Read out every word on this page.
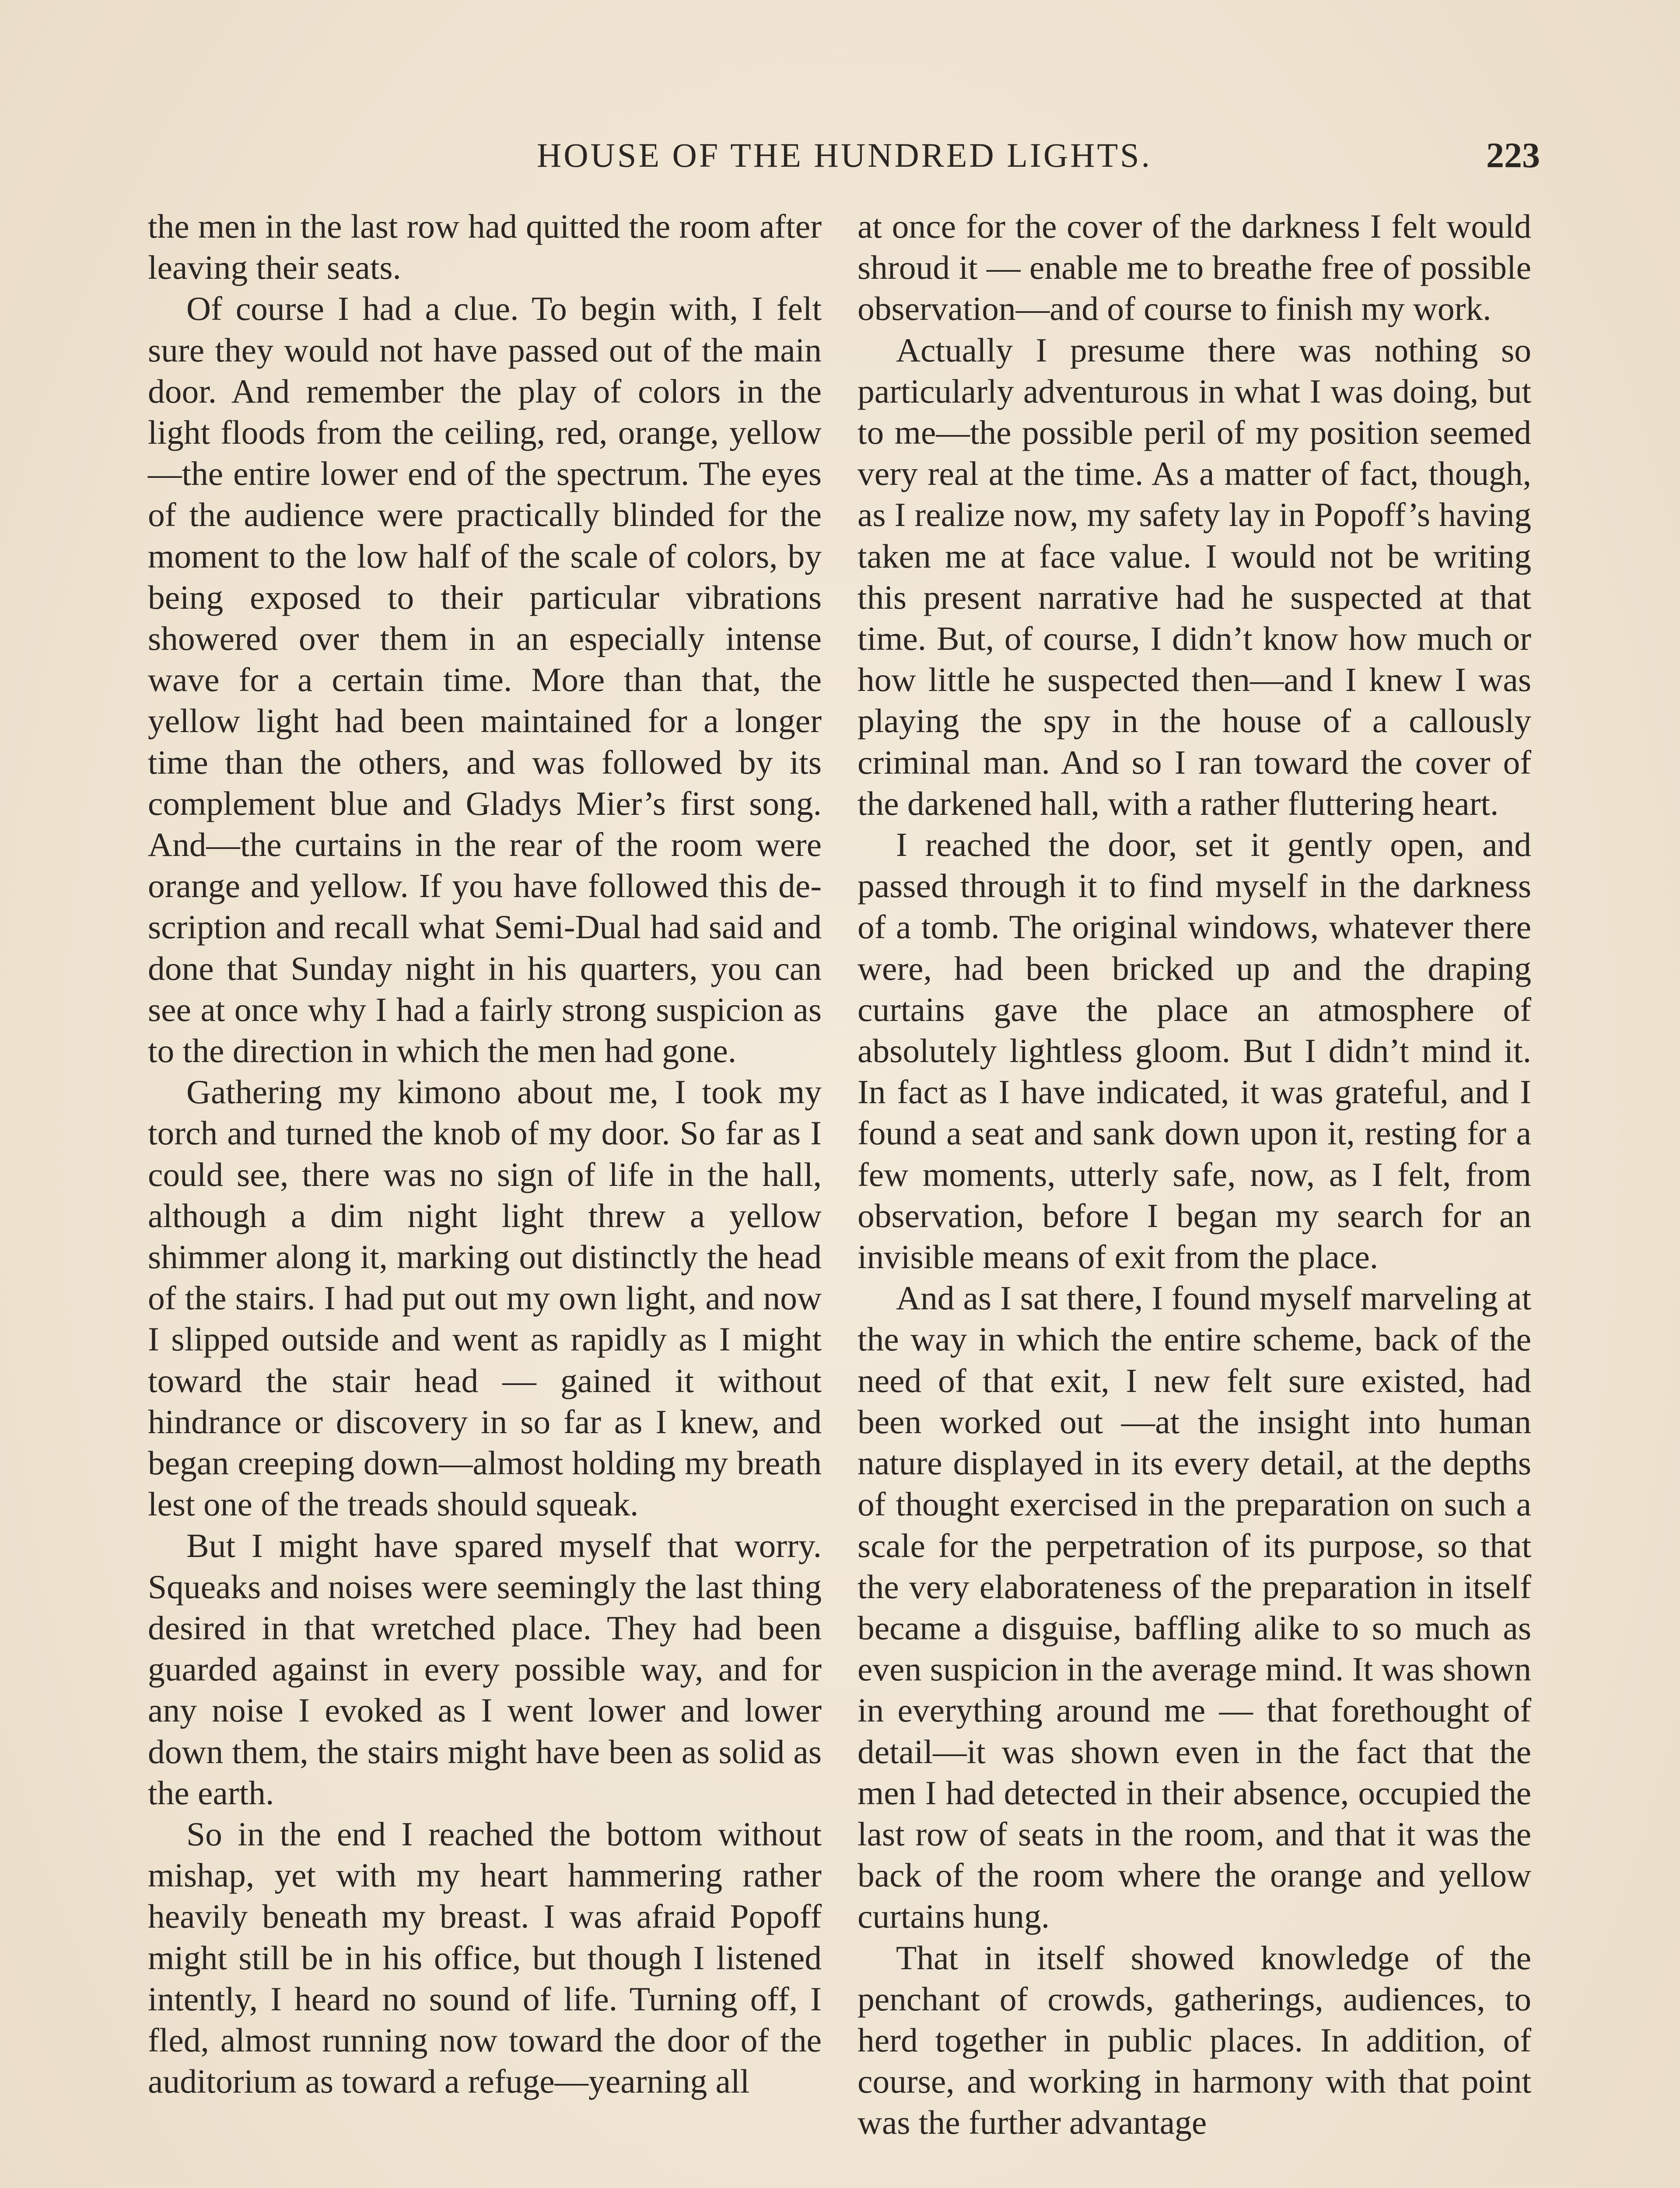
HOUSE OF THE HUNDRED LIGHTS.	223

the men in the last row had quitted the room after leaving their seats.

Of course I had a clue. To begin with, I felt sure they would not have passed out of the main door. And remember the play of colors in the light floods from the ceiling, red, orange, yellow—the entire lower end of the spectrum. The eyes of the audience were practically blinded for the moment to the low half of the scale of colors, by being exposed to their particular vibrations showered over them in an especially intense wave for a certain time. More than that, the yellow light had been maintained for a longer time than the others, and was followed by its complement blue and Gladys Mier’s first song. And—the curtains in the rear of the room were orange and yellow. If you have followed this description and recall what Semi-Dual had said and done that Sunday night in his quarters, you can see at once why I had a fairly strong suspicion as to the direction in which the men had gone.

Gathering my kimono about me, I took my torch and turned the knob of my door. So far as I could see, there was no sign of life in the hall, although a dim night light threw a yellow shimmer along it, marking out distinctly the head of the stairs. I had put out my own light, and now I slipped outside and went as rapidly as I might toward the stair head — gained it without hindrance or discovery in so far as I knew, and began creeping down—almost holding my breath lest one of the treads should squeak.

But I might have spared myself that worry. Squeaks and noises were seemingly the last thing desired in that wretched place. They had been guarded against in every possible way, and for any noise I evoked as I went lower and lower down them, the stairs might have been as solid as the earth.

So in the end I reached the bottom without mishap, yet with my heart hammering rather heavily beneath my breast. I was afraid Popoff might still be in his office, but though I listened intently, I heard no sound of life. Turning off, I fled, almost running now toward the door of the auditorium as toward a refuge—yearning all

at once for the cover of the darkness I felt would shroud it — enable me to breathe free of possible observation—and of course to finish my work.

Actually I presume there was nothing so particularly adventurous in what I was doing, but to me—the possible peril of my position seemed very real at the time. As a matter of fact, though, as I realize now, my safety lay in Popoff’s having taken me at face value. I would not be writing this present narrative had he suspected at that time. But, of course, I didn’t know how much or how little he suspected then—and I knew I was playing the spy in the house of a callously criminal man. And so I ran toward the cover of the darkened hall, with a rather fluttering heart.

I reached the door, set it gently open, and passed through it to find myself in the darkness of a tomb. The original windows, whatever there were, had been bricked up and the draping curtains gave the place an atmosphere of absolutely lightless gloom. But I didn’t mind it. In fact as I have indicated, it was grateful, and I found a seat and sank down upon it, resting for a few moments, utterly safe, now, as I felt, from observation, before I began my search for an invisible means of exit from the place.

And as I sat there, I found myself marveling at the way in which the entire scheme, back of the need of that exit, I new felt sure existed, had been worked out —at the insight into human nature displayed in its every detail, at the depths of thought exercised in the preparation on such a scale for the perpetration of its purpose, so that the very elaborateness of the preparation in itself became a disguise, baffling alike to so much as even suspicion in the average mind. It was shown in everything around me — that forethought of detail—it was shown even in the fact that the men I had detected in their absence, occupied the last row of seats in the room, and that it was the back of the room where the orange and yellow curtains hung.

That in itself showed knowledge of the penchant of crowds, gatherings, audiences, to herd together in public places. In addition, of course, and working in harmony with that point was the further advantage
